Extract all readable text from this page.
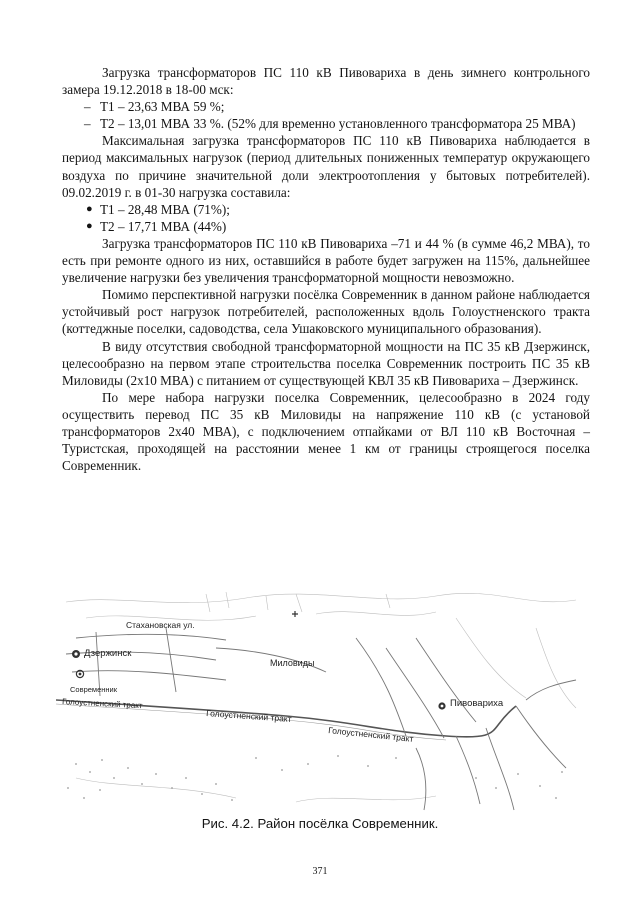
Загрузка трансформаторов ПС 110 кВ Пивовариха в день зимнего контрольного замера 19.12.2018 в 18-00 мск:

– Т1 – 23,63 МВА 59 %;
– Т2 – 13,01 МВА 33 %. (52% для временно установленного трансформатора 25 МВА)

Максимальная загрузка трансформаторов ПС 110 кВ Пивовариха наблюдается в период максимальных нагрузок (период длительных пониженных температур окружающего воздуха по причине значительной доли электроотопления у бытовых потребителей). 09.02.2019 г. в 01-30 нагрузка составила:

● Т1 – 28,48 МВА (71%);
● Т2 – 17,71 МВА (44%)

Загрузка трансформаторов ПС 110 кВ Пивовариха –71 и 44 % (в сумме 46,2 МВА), то есть при ремонте одного из них, оставшийся в работе будет загружен на 115%, дальнейшее увеличение нагрузки без увеличения трансформаторной мощности невозможно.

Помимо перспективной нагрузки посёлка Современник в данном районе наблюдается устойчивый рост нагрузок потребителей, расположенных вдоль Голоустненского тракта (коттеджные поселки, садоводства, села Ушаковского муниципального образования).

В виду отсутствия свободной трансформаторной мощности на ПС 35 кВ Дзержинск, целесообразно на первом этапе строительства поселка Современник построить ПС 35 кВ Миловиды (2х10 МВА) с питанием от существующей КВЛ 35 кВ Пивовариха – Дзержинск.

По мере набора нагрузки поселка Современник, целесообразно в 2024 году осуществить перевод ПС 35 кВ Миловиды на напряжение 110 кВ (с установой трансформаторов 2х40 МВА), с подключением отпайками от ВЛ 110 кВ Восточная – Туристская, проходящей на расстоянии менее 1 км от границы строящегося поселка Современник.

Стахановская ул.
Дзержинск
Миловиды
Современник
Голоустненский тракт
Голоустненский тракт
Голоустненский тракт
Пивовариха
Рис. 4.2. Район посёлка Современник.
371
